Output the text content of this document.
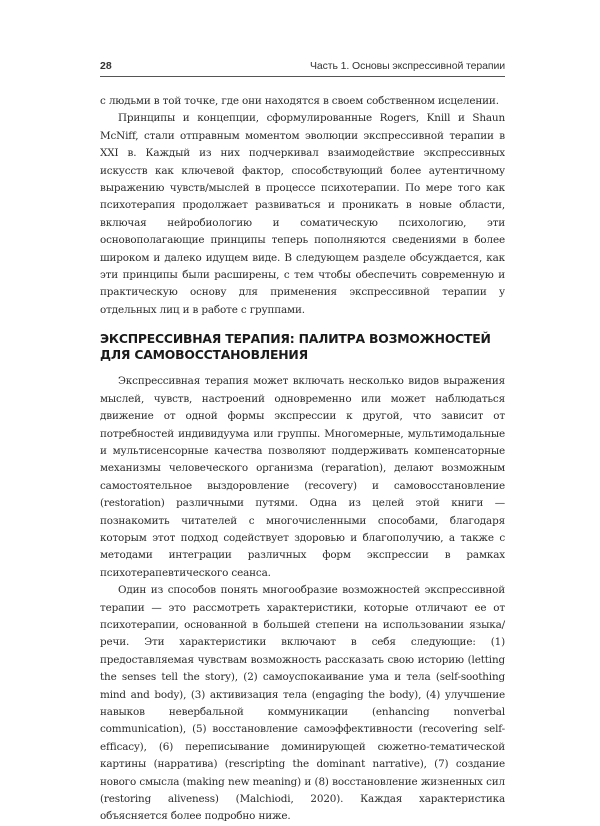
28	Часть 1. Основы экспрессивной терапии

с людьми в той точке, где они находятся в своем собственном исцелении.

Принципы и концепции, сформулированные Rogers, Knill и Shaun McNiff, стали отправным моментом эволюции экспрессивной терапии в XXI в. Каждый из них подчеркивал взаимодействие экспрессивных искусств как ключевой фактор, способствующий более аутентичному выражению чувств/мыслей в процессе психотерапии. По мере того как психотерапия продолжает развиваться и проникать в новые области, включая нейробиологию и соматическую психологию, эти основополагающие принципы теперь пополняются сведениями в более широком и далеко идущем виде. В следующем разделе обсуждается, как эти принципы были расширены, с тем чтобы обеспечить современную и практическую основу для применения экспрессивной терапии у отдельных лиц и в работе с группами.

ЭКСПРЕССИВНАЯ ТЕРАПИЯ: ПАЛИТРА ВОЗМОЖНОСТЕЙ ДЛЯ САМОВОССТАНОВЛЕНИЯ

Экспрессивная терапия может включать несколько видов выражения мыслей, чувств, настроений одновременно или может наблюдаться движение от одной формы экспрессии к другой, что зависит от потребностей индивидуума или группы. Многомерные, мультимодальные и мультисенсорные качества позволяют поддерживать компенсаторные механизмы человеческого организма (reparation), делают возможным самостоятельное выздоровление (recovery) и самовосстановление (restoration) различными путями. Одна из целей этой книги — познакомить читателей с многочисленными способами, благодаря которым этот подход содействует здоровью и благополучию, а также с методами интеграции различных форм экспрессии в рамках психотерапевтического сеанса.

Один из способов понять многообразие возможностей экспрессивной терапии — это рассмотреть характеристики, которые отличают ее от психотерапии, основанной в большей степени на использовании языка/речи. Эти характеристики включают в себя следующие: (1) предоставляемая чувствам возможность рассказать свою историю (letting the senses tell the story), (2) самоуспокаивание ума и тела (self-soothing mind and body), (3) активизация тела (engaging the body), (4) улучшение навыков невербальной коммуникации (enhancing nonverbal communication), (5) восстановление самоэффективности (recovering self-efficacy), (6) переписывание доминирующей сюжетно-тематической картины (нарратива) (rescripting the dominant narrative), (7) создание нового смысла (making new meaning) и (8) восстановление жизненных сил (restoring aliveness) (Malchiodi, 2020). Каждая характеристика объясняется более подробно ниже.
